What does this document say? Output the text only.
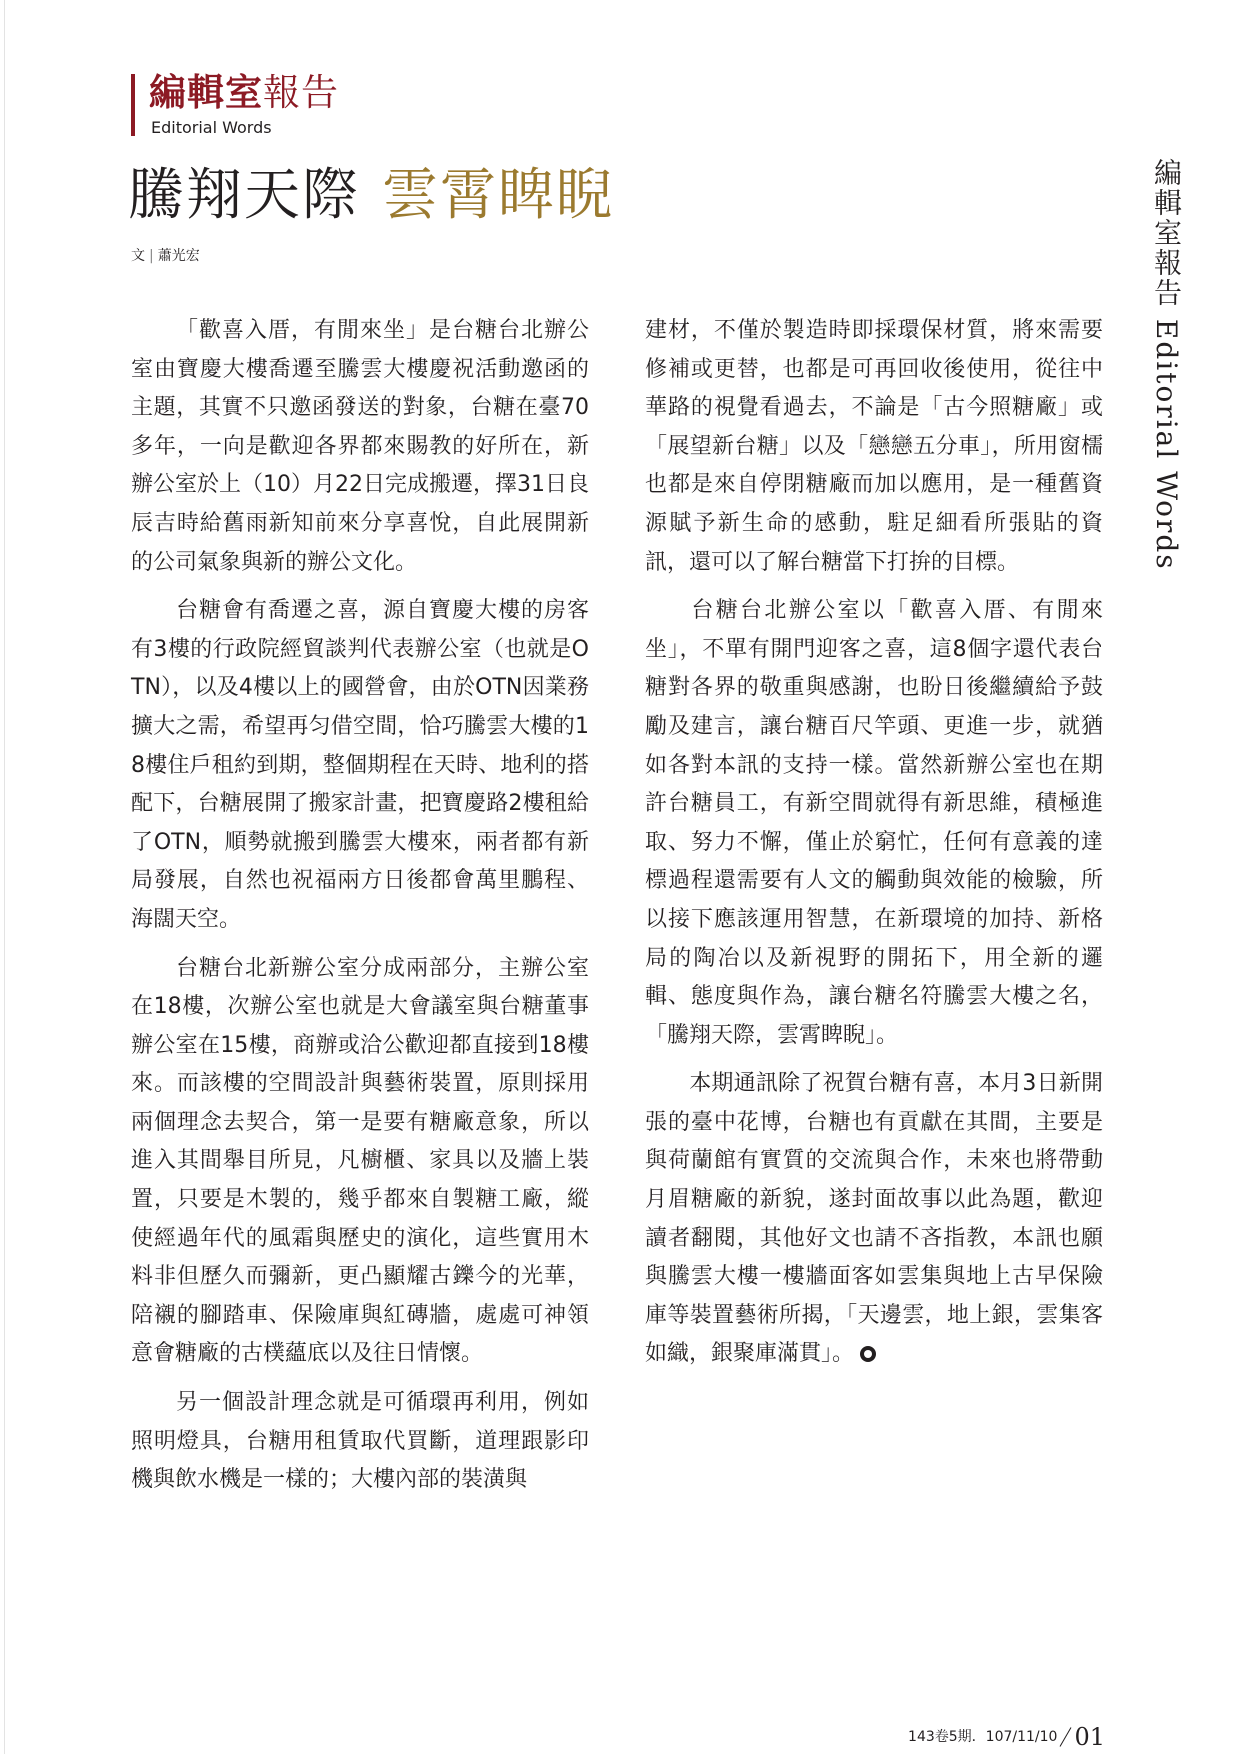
編輯室報告
Editorial Words
騰翔天際 雲霄睥睨
文 | 蕭光宏

「歡喜入厝，有閒來坐」是台糖台北辦公室由寶慶大樓喬遷至騰雲大樓慶祝活動邀函的主題，其實不只邀函發送的對象，台糖在臺70多年，一向是歡迎各界都來賜教的好所在，新辦公室於上（10）月22日完成搬遷，擇31日良辰吉時給舊雨新知前來分享喜悅，自此展開新的公司氣象與新的辦公文化。

台糖會有喬遷之喜，源自寶慶大樓的房客有3樓的行政院經貿談判代表辦公室（也就是OTN），以及4樓以上的國營會，由於OTN因業務擴大之需，希望再匀借空間，恰巧騰雲大樓的18樓住戶租約到期，整個期程在天時、地利的搭配下，台糖展開了搬家計畫，把寶慶路2樓租給了OTN，順勢就搬到騰雲大樓來，兩者都有新局發展，自然也祝福兩方日後都會萬里鵬程、海闊天空。

台糖台北新辦公室分成兩部分，主辦公室在18樓，次辦公室也就是大會議室與台糖董事辦公室在15樓，商辦或洽公歡迎都直接到18樓來。而該樓的空間設計與藝術裝置，原則採用兩個理念去契合，第一是要有糖廠意象，所以進入其間舉目所見，凡櫥櫃、家具以及牆上裝置，只要是木製的，幾乎都來自製糖工廠，縱使經過年代的風霜與歷史的演化，這些實用木料非但歷久而彌新，更凸顯耀古鑠今的光華，陪襯的腳踏車、保險庫與紅磚牆，處處可神領意會糖廠的古樸蘊底以及往日情懷。

另一個設計理念就是可循環再利用，例如照明燈具，台糖用租賃取代買斷，道理跟影印機與飲水機是一樣的；大樓內部的裝潢與

建材，不僅於製造時即採環保材質，將來需要修補或更替，也都是可再回收後使用，從往中華路的視覺看過去，不論是「古今照糖廠」或「展望新台糖」以及「戀戀五分車」，所用窗檽也都是來自停閉糖廠而加以應用，是一種舊資源賦予新生命的感動，駐足細看所張貼的資訊，還可以了解台糖當下打拚的目標。

台糖台北辦公室以「歡喜入厝、有閒來坐」，不單有開門迎客之喜，這8個字還代表台糖對各界的敬重與感謝，也盼日後繼續給予鼓勵及建言，讓台糖百尺竿頭、更進一步，就猶如各對本訊的支持一樣。當然新辦公室也在期許台糖員工，有新空間就得有新思維，積極進取、努力不懈，僅止於窮忙，任何有意義的達標過程還需要有人文的觸動與效能的檢驗，所以接下應該運用智慧，在新環境的加持、新格局的陶冶以及新視野的開拓下，用全新的邏輯、態度與作為，讓台糖名符騰雲大樓之名，「騰翔天際，雲霄睥睨」。

本期通訊除了祝賀台糖有喜，本月3日新開張的臺中花博，台糖也有貢獻在其間，主要是與荷蘭館有實質的交流與合作，未來也將帶動月眉糖廠的新貌，遂封面故事以此為題，歡迎讀者翻閱，其他好文也請不吝指教，本訊也願與騰雲大樓一樓牆面客如雲集與地上古早保險庫等裝置藝術所揭，「天邊雲，地上銀，雲集客如織，銀聚庫滿貫」。

編輯室報告 Editorial Words
143卷5期．107/11/10 01
